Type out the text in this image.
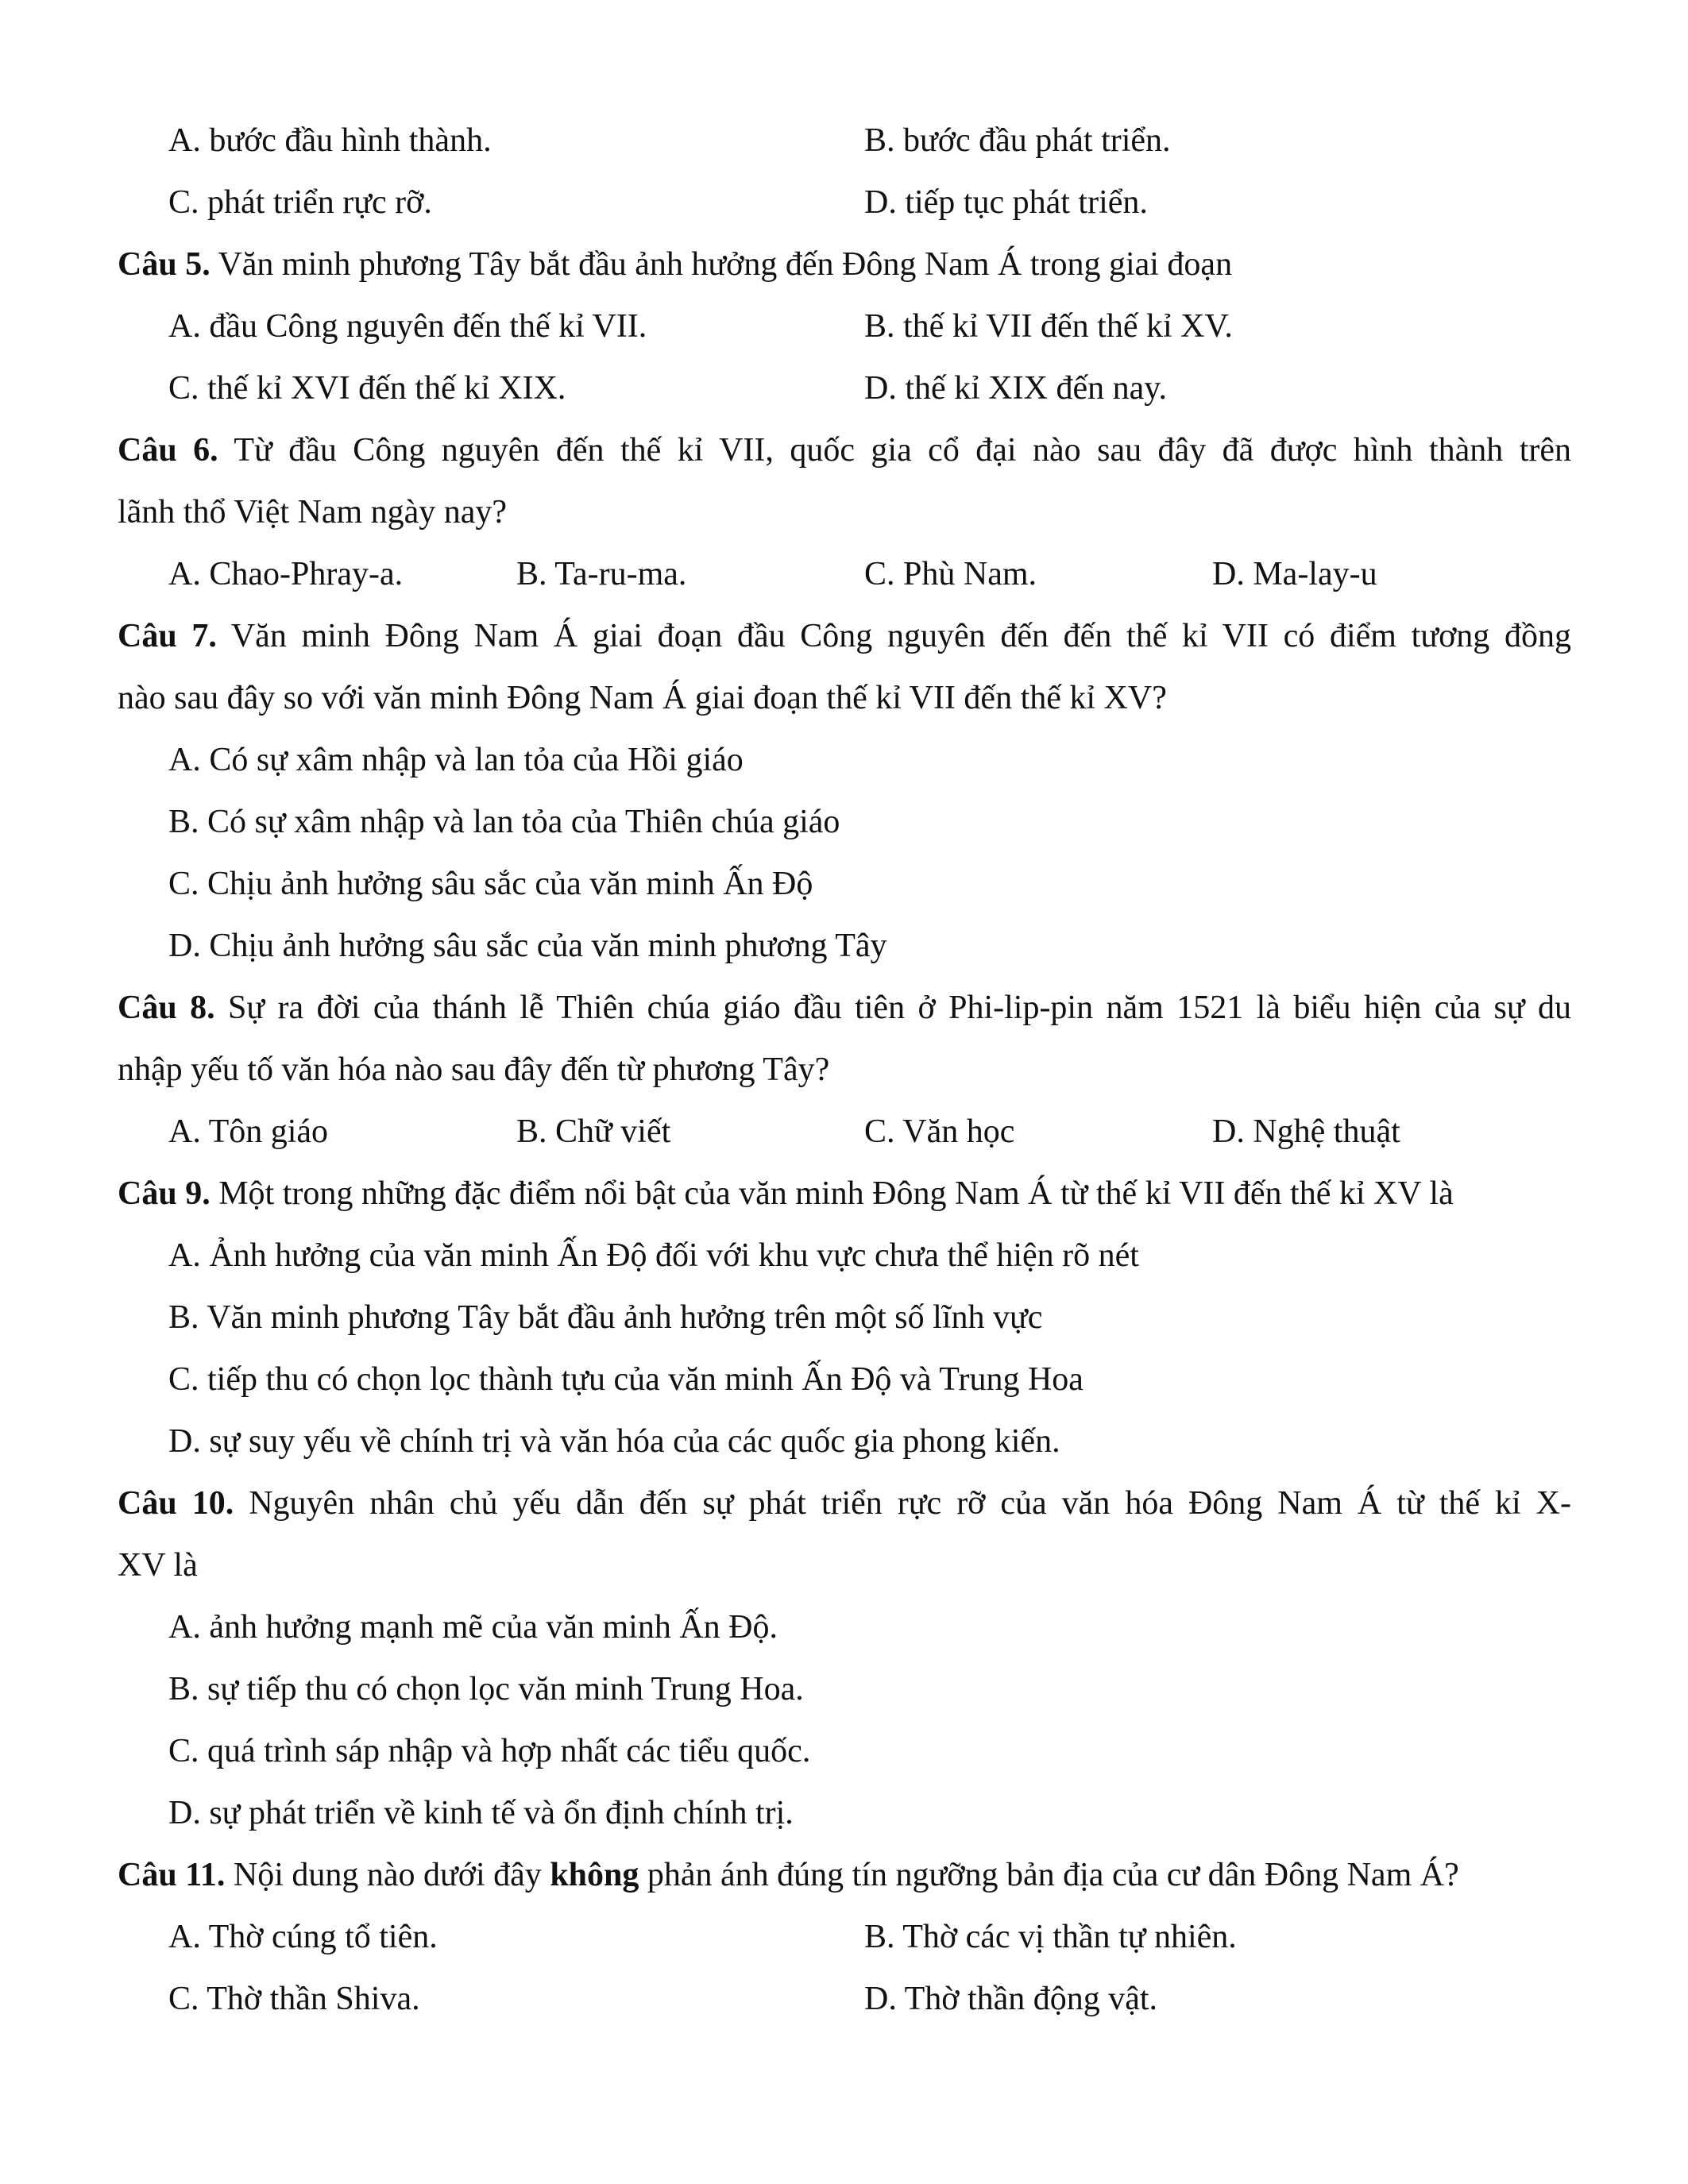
A. bước đầu hình thành.	B. bước đầu phát triển.
C. phát triển rực rỡ.	D. tiếp tục phát triển.
Câu 5. Văn minh phương Tây bắt đầu ảnh hưởng đến Đông Nam Á trong giai đoạn
A. đầu Công nguyên đến thế kỉ VII.	B. thế kỉ VII đến thế kỉ XV.
C. thế kỉ XVI đến thế kỉ XIX.	D. thế kỉ XIX đến nay.
Câu 6. Từ đầu Công nguyên đến thế kỉ VII, quốc gia cổ đại nào sau đây đã được hình thành trên
lãnh thổ Việt Nam ngày nay?
A. Chao-Phray-a.	B. Ta-ru-ma.	C. Phù Nam.	D. Ma-lay-u
Câu 7. Văn minh Đông Nam Á giai đoạn đầu Công nguyên đến đến thế kỉ VII có điểm tương đồng
nào sau đây so với văn minh Đông Nam Á giai đoạn thế kỉ VII đến thế kỉ XV?
A. Có sự xâm nhập và lan tỏa của Hồi giáo
B. Có sự xâm nhập và lan tỏa của Thiên chúa giáo
C. Chịu ảnh hưởng sâu sắc của văn minh Ấn Độ
D. Chịu ảnh hưởng sâu sắc của văn minh phương Tây
Câu 8. Sự ra đời của thánh lễ Thiên chúa giáo đầu tiên ở Phi-lip-pin năm 1521 là biểu hiện của sự du
nhập yếu tố văn hóa nào sau đây đến từ phương Tây?
A. Tôn giáo	B. Chữ viết	C. Văn học	D. Nghệ thuật
Câu 9. Một trong những đặc điểm nổi bật của văn minh Đông Nam Á từ thế kỉ VII đến thế kỉ XV là
A. Ảnh hưởng của văn minh Ấn Độ đối với khu vực chưa thể hiện rõ nét
B. Văn minh phương Tây bắt đầu ảnh hưởng trên một số lĩnh vực
C. tiếp thu có chọn lọc thành tựu của văn minh Ấn Độ và Trung Hoa
D. sự suy yếu về chính trị và văn hóa của các quốc gia phong kiến.
Câu 10. Nguyên nhân chủ yếu dẫn đến sự phát triển rực rỡ của văn hóa Đông Nam Á từ thế kỉ X-
XV là
A. ảnh hưởng mạnh mẽ của văn minh Ấn Độ.
B. sự tiếp thu có chọn lọc văn minh Trung Hoa.
C. quá trình sáp nhập và hợp nhất các tiểu quốc.
D. sự phát triển về kinh tế và ổn định chính trị.
Câu 11. Nội dung nào dưới đây không phản ánh đúng tín ngưỡng bản địa của cư dân Đông Nam Á?
A. Thờ cúng tổ tiên.	B. Thờ các vị thần tự nhiên.
C. Thờ thần Shiva.	D. Thờ thần động vật.
